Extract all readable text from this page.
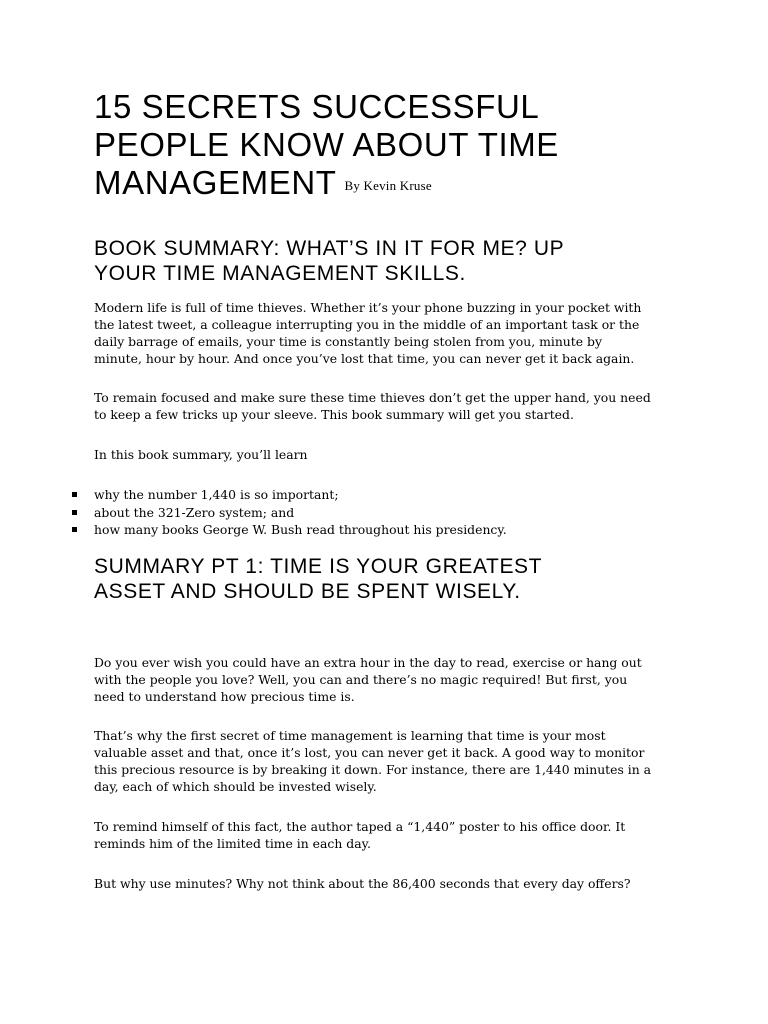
15 SECRETS SUCCESSFUL
PEOPLE KNOW ABOUT TIME
MANAGEMENT By Kevin Kruse
BOOK SUMMARY: WHAT’S IN IT FOR ME? UP
YOUR TIME MANAGEMENT SKILLS.

Modern life is full of time thieves. Whether it’s your phone buzzing in your pocket with
the latest tweet, a colleague interrupting you in the middle of an important task or the
daily barrage of emails, your time is constantly being stolen from you, minute by
minute, hour by hour. And once you’ve lost that time, you can never get it back again.

To remain focused and make sure these time thieves don’t get the upper hand, you need
to keep a few tricks up your sleeve. This book summary will get you started.

In this book summary, you’ll learn

why the number 1,440 is so important;
about the 321-Zero system; and
how many books George W. Bush read throughout his presidency.
SUMMARY PT 1: TIME IS YOUR GREATEST
ASSET AND SHOULD BE SPENT WISELY.

Do you ever wish you could have an extra hour in the day to read, exercise or hang out
with the people you love? Well, you can and there’s no magic required! But first, you
need to understand how precious time is.

That’s why the first secret of time management is learning that time is your most
valuable asset and that, once it’s lost, you can never get it back. A good way to monitor
this precious resource is by breaking it down. For instance, there are 1,440 minutes in a
day, each of which should be invested wisely.

To remind himself of this fact, the author taped a “1,440” poster to his office door. It
reminds him of the limited time in each day.

But why use minutes? Why not think about the 86,400 seconds that every day offers?
